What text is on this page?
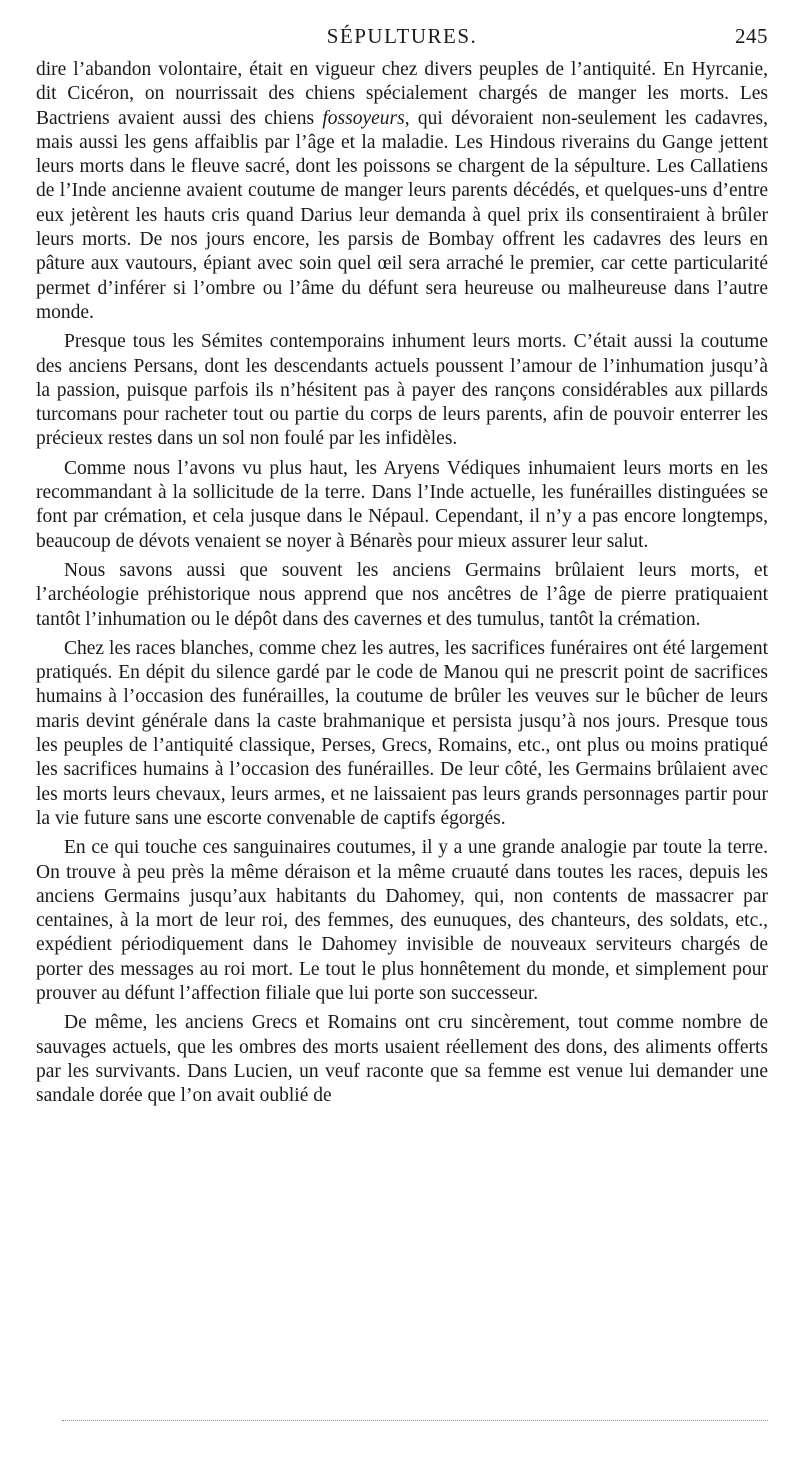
SÉPULTURES.	245

dire l’abandon volontaire, était en vigueur chez divers peuples de l’antiquité. En Hyrcanie, dit Cicéron, on nourrissait des chiens spécialement chargés de manger les morts. Les Bactriens avaient aussi des chiens fossoyeurs, qui dévoraient non-seulement les cadavres, mais aussi les gens affaiblis par l’âge et la maladie. Les Hindous riverains du Gange jettent leurs morts dans le fleuve sacré, dont les poissons se chargent de la sépulture. Les Callatiens de l’Inde ancienne avaient coutume de manger leurs parents décédés, et quelques-uns d’entre eux jetèrent les hauts cris quand Darius leur demanda à quel prix ils consentiraient à brûler leurs morts. De nos jours encore, les parsis de Bombay offrent les cadavres des leurs en pâture aux vautours, épiant avec soin quel œil sera arraché le premier, car cette particularité permet d’inférer si l’ombre ou l’âme du défunt sera heureuse ou malheureuse dans l’autre monde.

Presque tous les Sémites contemporains inhument leurs morts. C’était aussi la coutume des anciens Persans, dont les descendants actuels poussent l’amour de l’inhumation jusqu’à la passion, puisque parfois ils n’hésitent pas à payer des rançons considérables aux pillards turcomans pour racheter tout ou partie du corps de leurs parents, afin de pouvoir enterrer les précieux restes dans un sol non foulé par les infidèles.

Comme nous l’avons vu plus haut, les Aryens Védiques inhumaient leurs morts en les recommandant à la sollicitude de la terre. Dans l’Inde actuelle, les funérailles distinguées se font par crémation, et cela jusque dans le Népaul. Cependant, il n’y a pas encore longtemps, beaucoup de dévots venaient se noyer à Bénarès pour mieux assurer leur salut.

Nous savons aussi que souvent les anciens Germains brûlaient leurs morts, et l’archéologie préhistorique nous apprend que nos ancêtres de l’âge de pierre pratiquaient tantôt l’inhumation ou le dépôt dans des cavernes et des tumulus, tantôt la crémation.

Chez les races blanches, comme chez les autres, les sacrifices funéraires ont été largement pratiqués. En dépit du silence gardé par le code de Manou qui ne prescrit point de sacrifices humains à l’occasion des funérailles, la coutume de brûler les veuves sur le bûcher de leurs maris devint générale dans la caste brahmanique et persista jusqu’à nos jours. Presque tous les peuples de l’antiquité classique, Perses, Grecs, Romains, etc., ont plus ou moins pratiqué les sacrifices humains à l’occasion des funérailles. De leur côté, les Germains brûlaient avec les morts leurs chevaux, leurs armes, et ne laissaient pas leurs grands personnages partir pour la vie future sans une escorte convenable de captifs égorgés.

En ce qui touche ces sanguinaires coutumes, il y a une grande analogie par toute la terre. On trouve à peu près la même déraison et la même cruauté dans toutes les races, depuis les anciens Germains jusqu’aux habitants du Dahomey, qui, non contents de massacrer par centaines, à la mort de leur roi, des femmes, des eunuques, des chanteurs, des soldats, etc., expédient périodiquement dans le Dahomey invisible de nouveaux serviteurs chargés de porter des messages au roi mort. Le tout le plus honnêtement du monde, et simplement pour prouver au défunt l’affection filiale que lui porte son successeur.

De même, les anciens Grecs et Romains ont cru sincèrement, tout comme nombre de sauvages actuels, que les ombres des morts usaient réellement des dons, des aliments offerts par les survivants. Dans Lucien, un veuf raconte que sa femme est venue lui demander une sandale dorée que l’on avait oublié de
